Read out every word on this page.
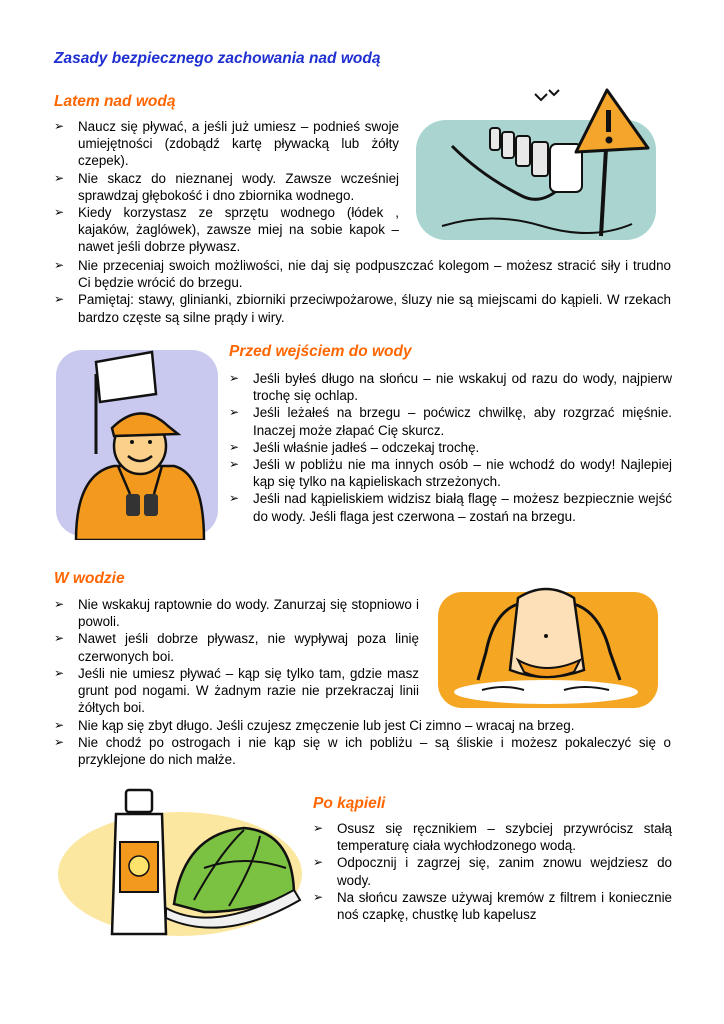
Zasady bezpiecznego zachowania nad wodą
Latem nad wodą
➢ Naucz się pływać, a jeśli już umiesz – podnieś swoje umiejętności (zdobądź kartę pływacką lub żółty czepek).
➢ Nie skacz do nieznanej wody. Zawsze wcześniej sprawdzaj głębokość i dno zbiornika wodnego.
➢ Kiedy korzystasz ze sprzętu wodnego (łódek , kajaków, żaglówek), zawsze miej na sobie kapok – nawet jeśli dobrze pływasz.
➢ Nie przeceniaj swoich możliwości, nie daj się podpuszczać kolegom – możesz stracić siły i trudno Ci będzie wrócić do brzegu.
➢ Pamiętaj: stawy, glinianki, zbiorniki przeciwpożarowe, śluzy nie są miejscami do kąpieli. W rzekach bardzo częste są silne prądy i wiry.
Przed wejściem do wody
➢ Jeśli byłeś długo na słońcu – nie wskakuj od razu do wody, najpierw trochę się ochlap.
➢ Jeśli leżałeś na brzegu – poćwicz chwilkę, aby rozgrzać mięśnie. Inaczej może złapać Cię skurcz.
➢ Jeśli właśnie jadłeś – odczekaj trochę.
➢ Jeśli w pobliżu nie ma innych osób – nie wchodź do wody! Najlepiej kąp się tylko na kąpieliskach strzeżonych.
➢ Jeśli nad kąpieliskiem widzisz białą flagę – możesz bezpiecznie wejść do wody. Jeśli flaga jest czerwona – zostań na brzegu.
W wodzie
➢ Nie wskakuj raptownie do wody. Zanurzaj się stopniowo i powoli.
➢ Nawet jeśli dobrze pływasz, nie wypływaj poza linię czerwonych boi.
➢ Jeśli nie umiesz pływać – kąp się tylko tam, gdzie masz grunt pod nogami. W żadnym razie nie przekraczaj linii żółtych boi.
➢ Nie kąp się zbyt długo. Jeśli czujesz zmęczenie lub jest Ci zimno – wracaj na brzeg.
➢ Nie chodź po ostrogach i nie kąp się w ich pobliżu – są śliskie i możesz pokaleczyć się o przyklejone do nich małże.
Po kąpieli
➢ Osusz się ręcznikiem – szybciej przywrócisz stałą temperaturę ciała wychłodzonego wodą.
➢ Odpocznij i zagrzej się, zanim znowu wejdziesz do wody.
➢ Na słońcu zawsze używaj kremów z filtrem i koniecznie noś czapkę, chustkę lub kapelusz
